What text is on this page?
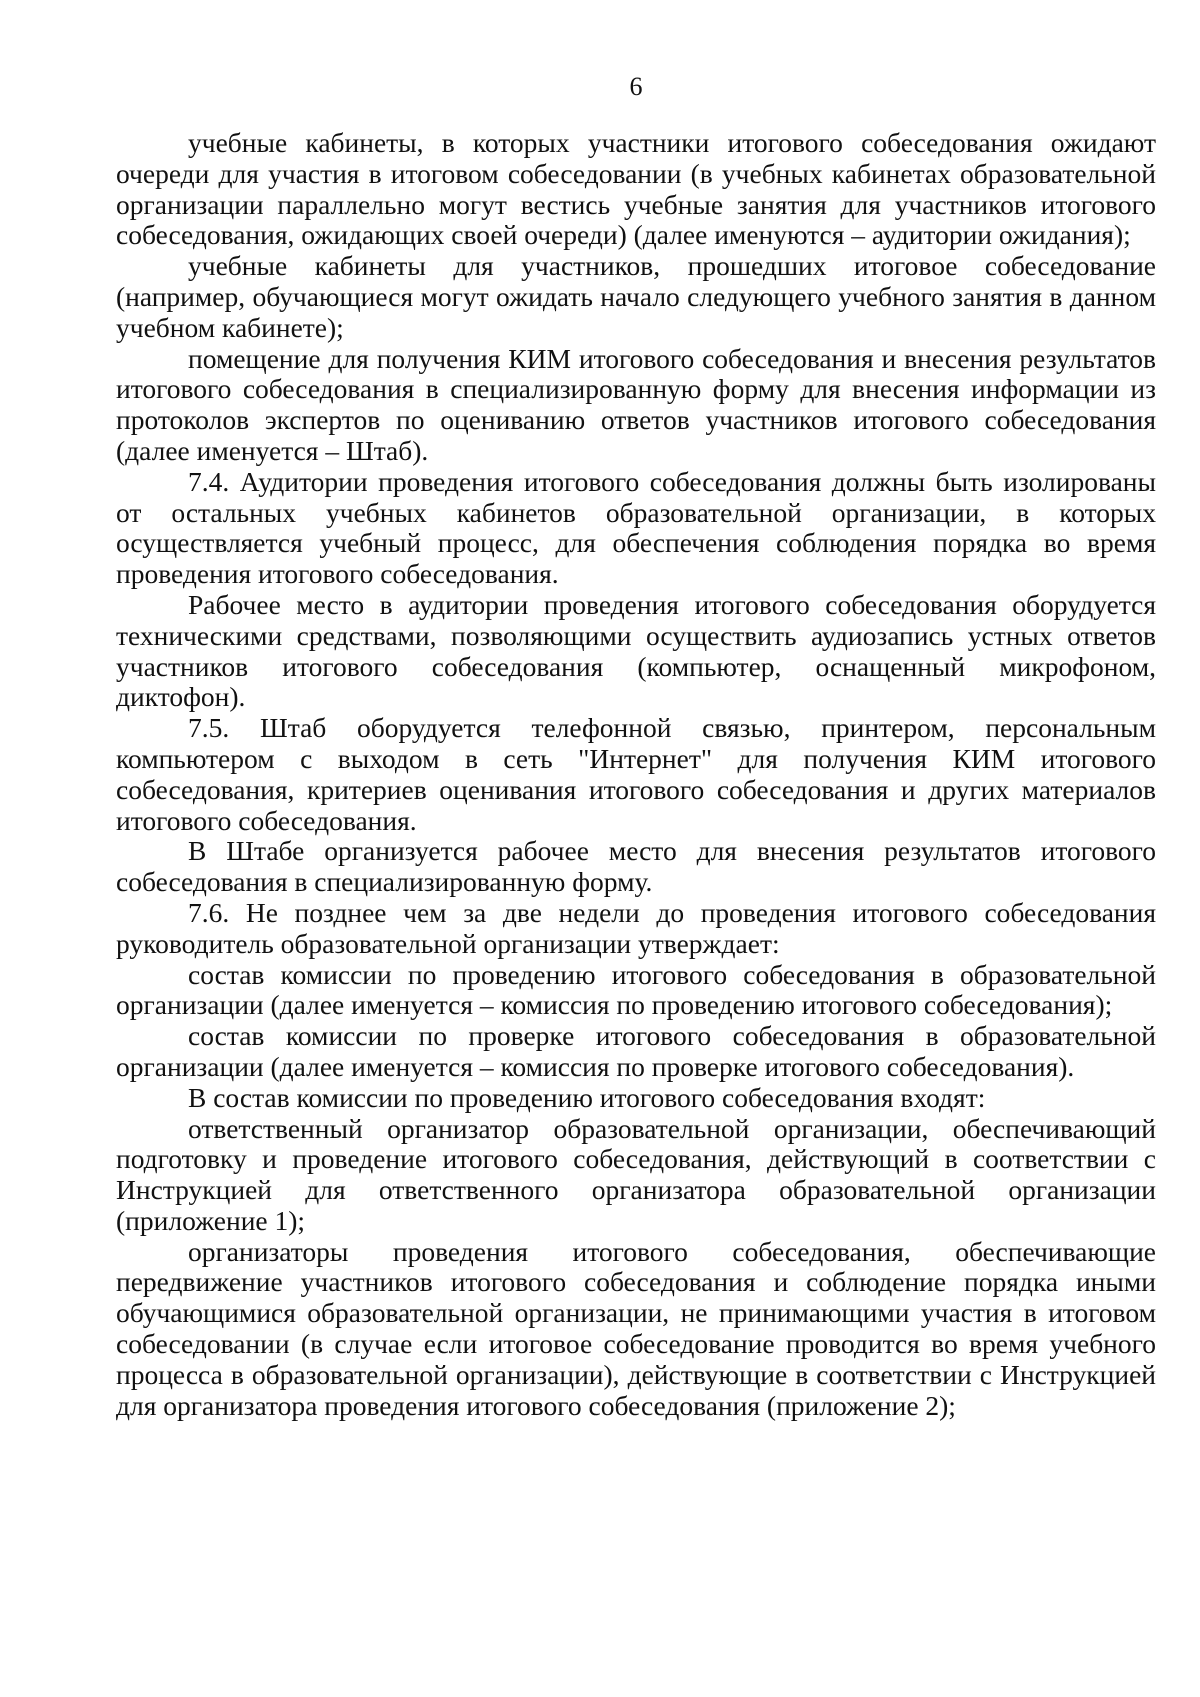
6

учебные кабинеты, в которых участники итогового собеседования ожидают очереди для участия в итоговом собеседовании (в учебных кабинетах образовательной организации параллельно могут вестись учебные занятия для участников итогового собеседования, ожидающих своей очереди) (далее именуются – аудитории ожидания);

учебные кабинеты для участников, прошедших итоговое собеседование (например, обучающиеся могут ожидать начало следующего учебного занятия в данном учебном кабинете);

помещение для получения КИМ итогового собеседования и внесения результатов итогового собеседования в специализированную форму для внесения информации из протоколов экспертов по оцениванию ответов участников итогового собеседования (далее именуется – Штаб).

7.4. Аудитории проведения итогового собеседования должны быть изолированы от остальных учебных кабинетов образовательной организации, в которых осуществляется учебный процесс, для обеспечения соблюдения порядка во время проведения итогового собеседования.

Рабочее место в аудитории проведения итогового собеседования оборудуется техническими средствами, позволяющими осуществить аудиозапись устных ответов участников итогового собеседования (компьютер, оснащенный микрофоном, диктофон).

7.5. Штаб оборудуется телефонной связью, принтером, персональным компьютером с выходом в сеть "Интернет" для получения КИМ итогового собеседования, критериев оценивания итогового собеседования и других материалов итогового собеседования.

В Штабе организуется рабочее место для внесения результатов итогового собеседования в специализированную форму.

7.6. Не позднее чем за две недели до проведения итогового собеседования руководитель образовательной организации утверждает:

состав комиссии по проведению итогового собеседования в образовательной организации (далее именуется – комиссия по проведению итогового собеседования);

состав комиссии по проверке итогового собеседования в образовательной организации (далее именуется – комиссия по проверке итогового собеседования).

В состав комиссии по проведению итогового собеседования входят:

ответственный организатор образовательной организации, обеспечивающий подготовку и проведение итогового собеседования, действующий в соответствии с Инструкцией для ответственного организатора образовательной организации (приложение 1);

организаторы проведения итогового собеседования, обеспечивающие передвижение участников итогового собеседования и соблюдение порядка иными обучающимися образовательной организации, не принимающими участия в итоговом собеседовании (в случае если итоговое собеседование проводится во время учебного процесса в образовательной организации), действующие в соответствии с Инструкцией для организатора проведения итогового собеседования (приложение 2);
